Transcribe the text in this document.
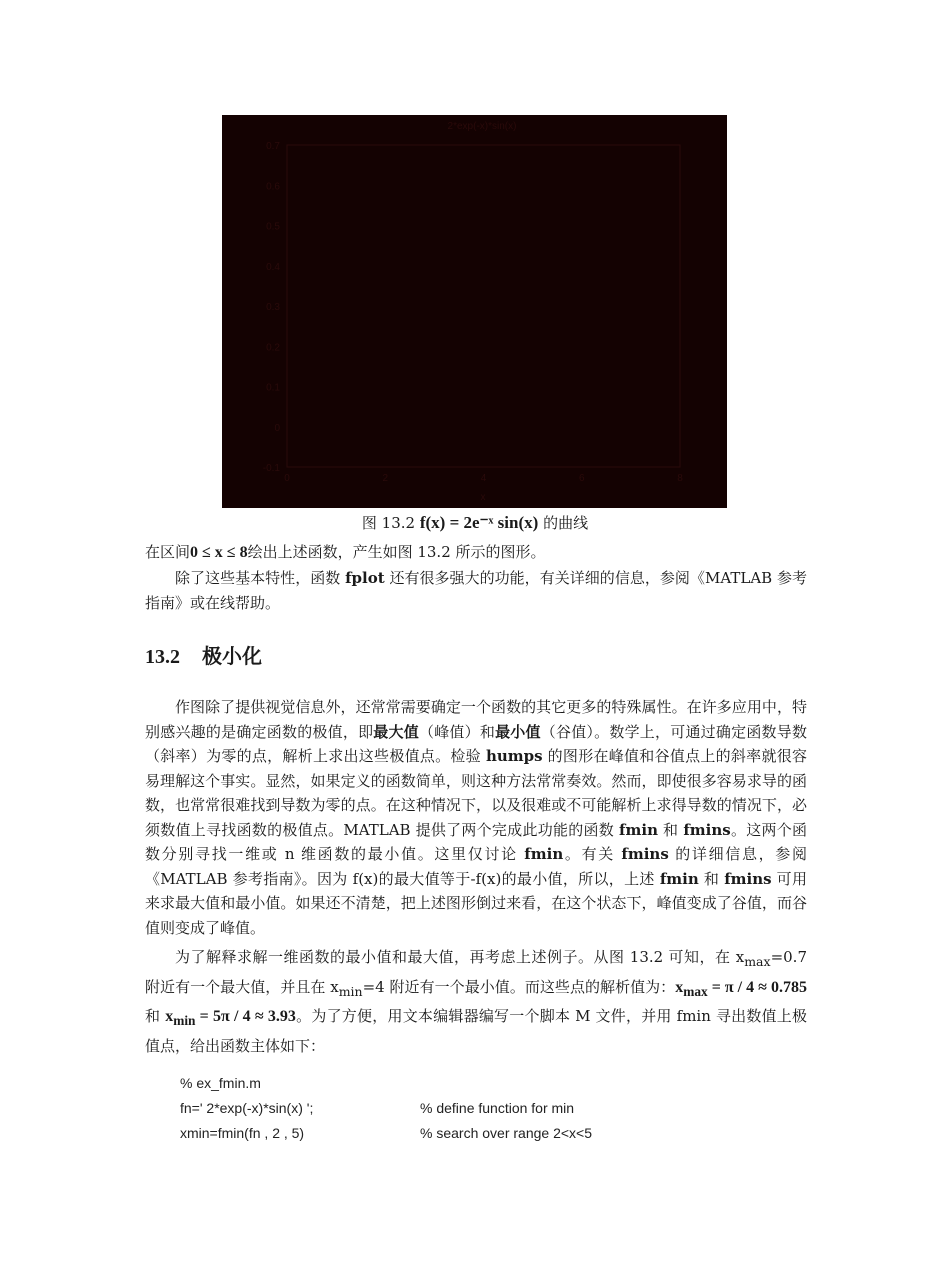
2*exp(-x)*sin(x)
0.7
0.6
0.5
0.4
0.3
0.2
0.1
0
-0.1
0	2	4	6	8
x
图 13.2 f(x) = 2e⁻ˣ sin(x) 的曲线
在区间0 ≤ x ≤ 8绘出上述函数，产生如图 13.2 所示的图形。
除了这些基本特性，函数 fplot 还有很多强大的功能，有关详细的信息，参阅《MATLAB 参考指南》或在线帮助。
13.2 极小化
作图除了提供视觉信息外，还常常需要确定一个函数的其它更多的特殊属性。在许多应用中，特别感兴趣的是确定函数的极值，即最大值（峰值）和最小值（谷值）。数学上，可通过确定函数导数（斜率）为零的点，解析上求出这些极值点。检验 humps 的图形在峰值和谷值点上的斜率就很容易理解这个事实。显然，如果定义的函数简单，则这种方法常常奏效。然而，即使很多容易求导的函数，也常常很难找到导数为零的点。在这种情况下，以及很难或不可能解析上求得导数的情况下，必须数值上寻找函数的极值点。MATLAB 提供了两个完成此功能的函数 fmin 和 fmins。这两个函数分别寻找一维或 n 维函数的最小值。这里仅讨论 fmin。有关 fmins 的详细信息，参阅《MATLAB 参考指南》。因为 f(x)的最大值等于-f(x)的最小值，所以，上述 fmin 和 fmins 可用来求最大值和最小值。如果还不清楚，把上述图形倒过来看，在这个状态下，峰值变成了谷值，而谷值则变成了峰值。
为了解释求解一维函数的最小值和最大值，再考虑上述例子。从图 13.2 可知，在 $x_{max}=0.7$ 附近有一个最大值，并且在 $x_{min}=4$ 附近有一个最小值。而这些点的解析值为：$x_{max} = \pi / 4 \approx 0.785$ 和 $x_{min} = 5\pi / 4 \approx 3.93$。为了方便，用文本编辑器编写一个脚本 M 文件，并用 fmin 寻出数值上极值点，给出函数主体如下：
% ex_fmin.m
fn=' 2*exp(-x)*sin(x) ';	% define function for min
xmin=fmin(fn , 2 , 5)	% search over range 2<x<5
